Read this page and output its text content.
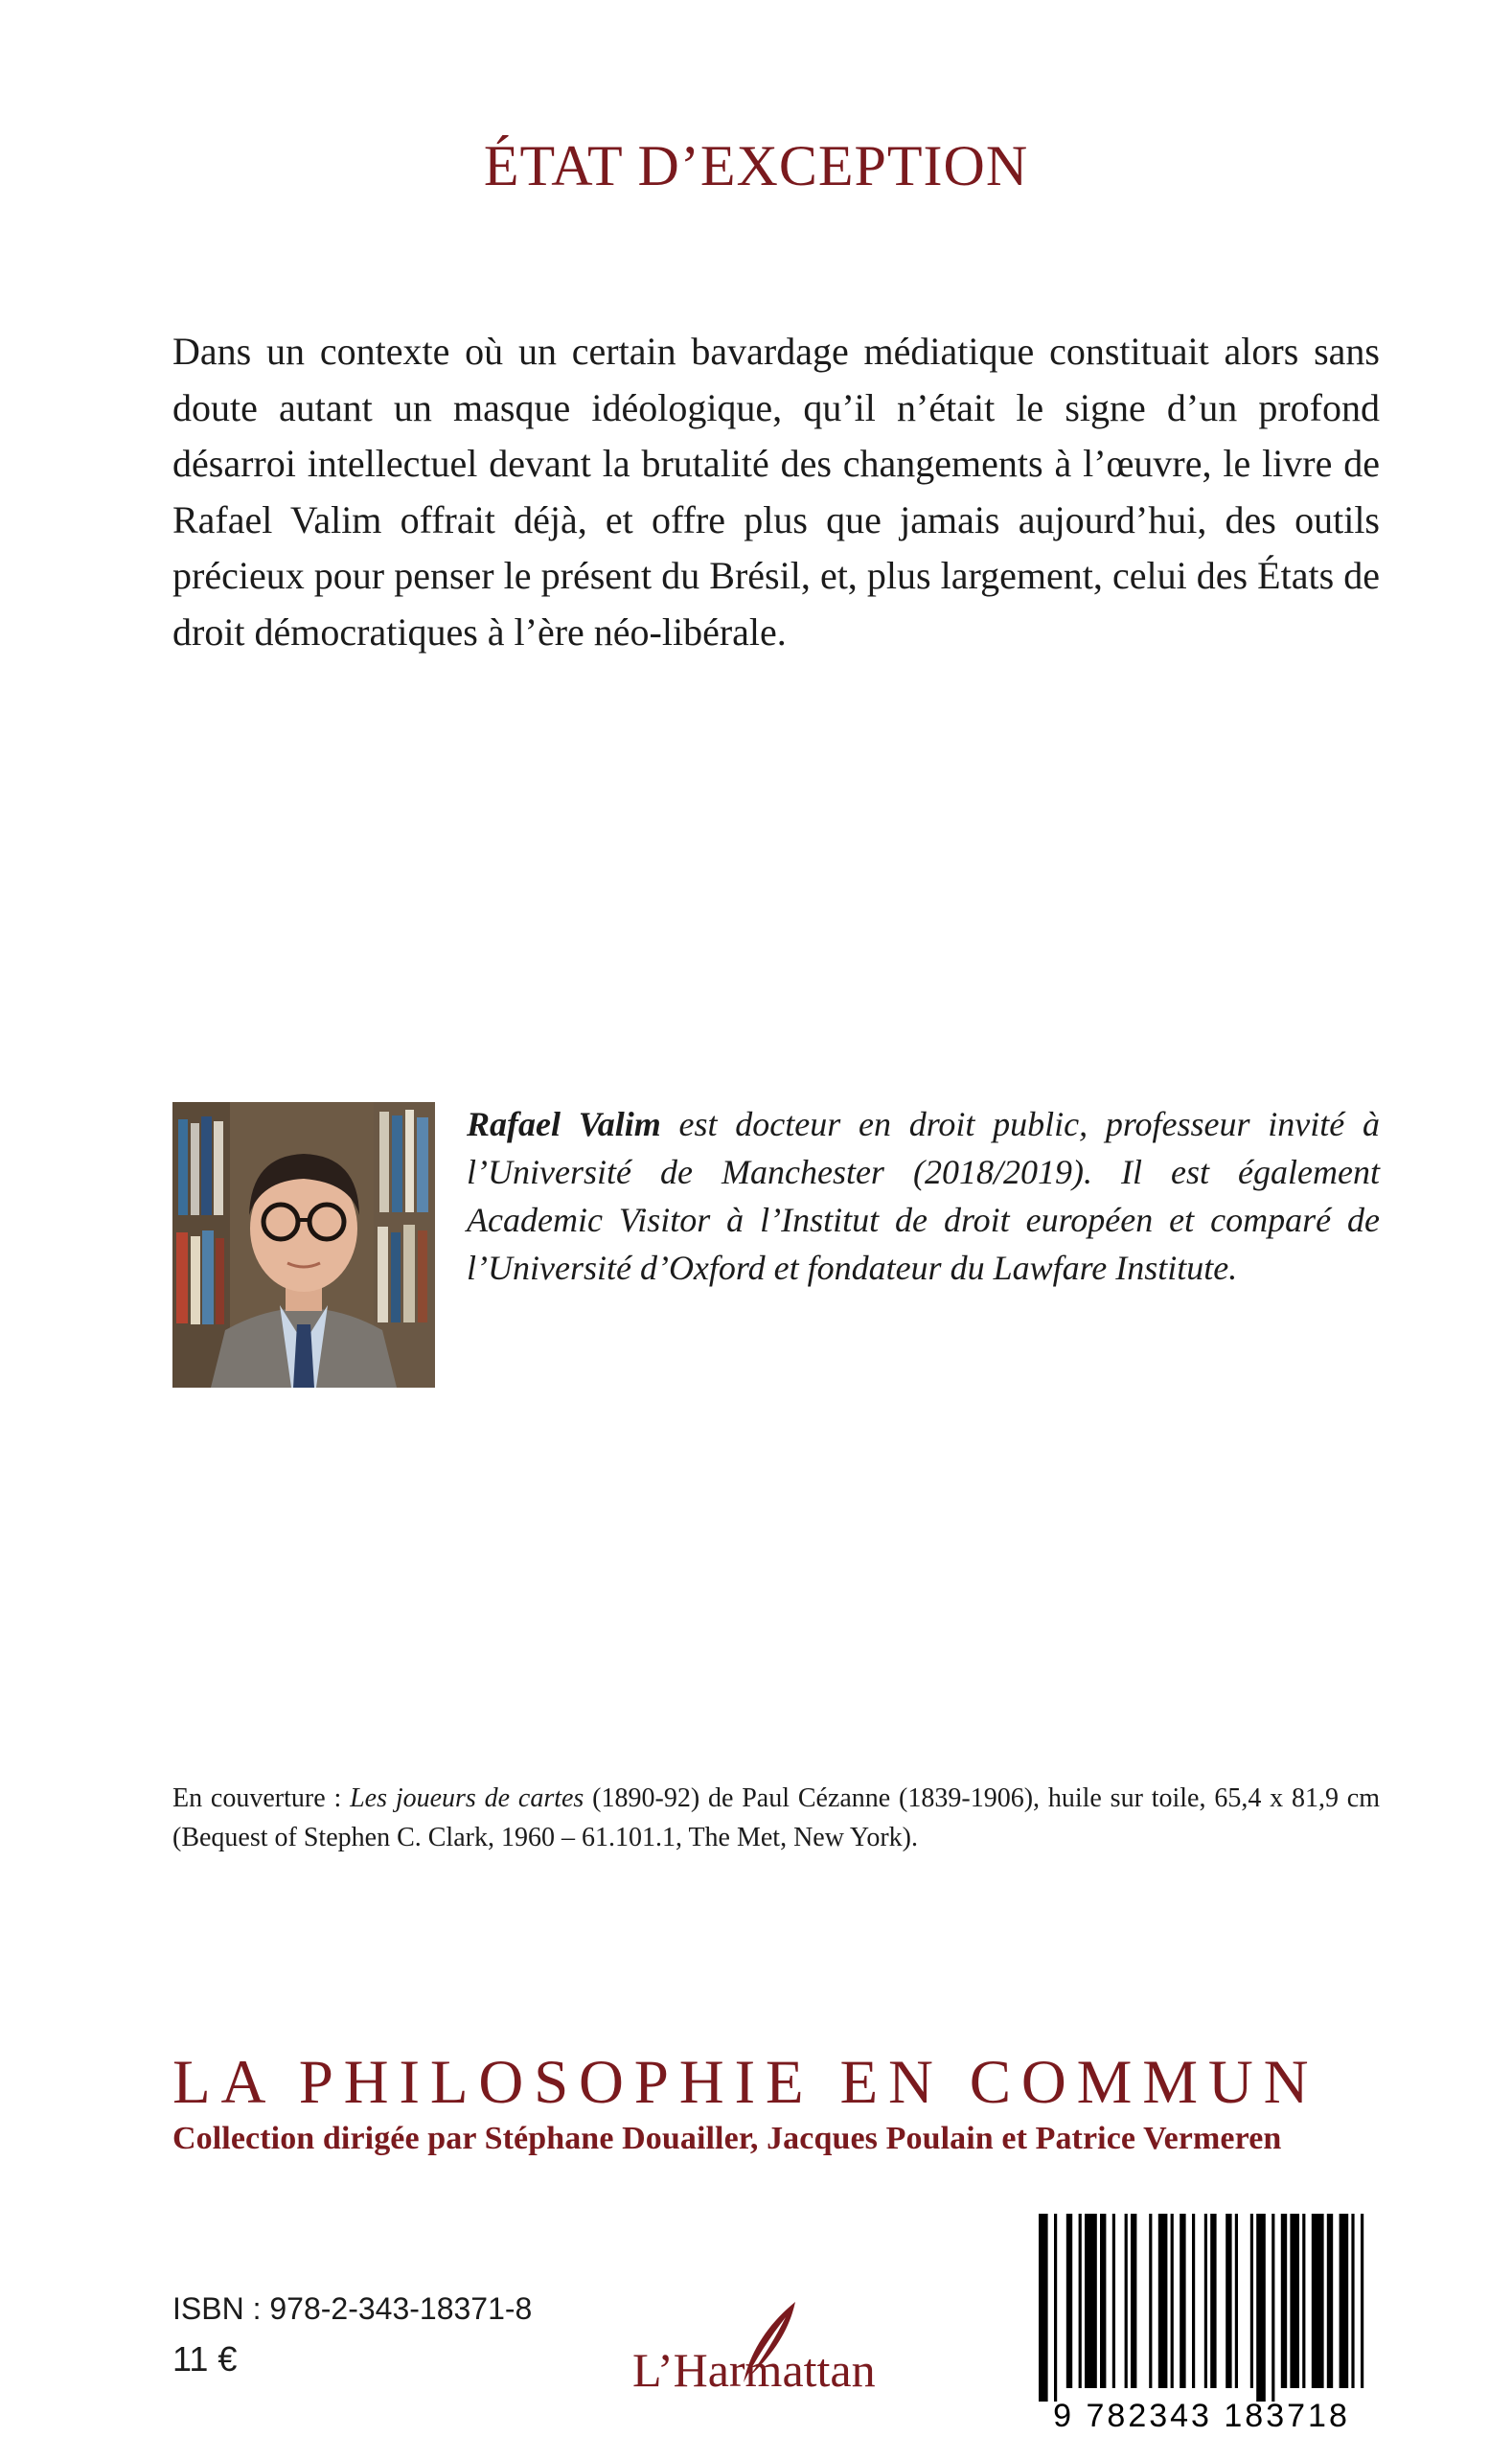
ÉTAT D’EXCEPTION
Dans un contexte où un certain bavardage médiatique constituait alors sans doute autant un masque idéologique, qu’il n’était le signe d’un profond désarroi intellectuel devant la brutalité des changements à l’œuvre, le livre de Rafael Valim offrait déjà, et offre plus que jamais aujourd’hui, des outils précieux pour penser le présent du Brésil, et, plus largement, celui des États de droit démocratiques à l’ère néo-libérale.
Rafael Valim est docteur en droit public, professeur invité à l’Université de Manchester (2018/2019). Il est également Academic Visitor à l’Institut de droit européen et comparé de l’Université d’Oxford et fondateur du Lawfare Institute.
En couverture : Les joueurs de cartes (1890-92) de Paul Cézanne (1839-1906), huile sur toile, 65,4 x 81,9 cm (Bequest of Stephen C. Clark, 1960 – 61.101.1, The Met, New York).
LA PHILOSOPHIE EN COMMUN
Collection dirigée par Stéphane Douailler, Jacques Poulain et Patrice Vermeren
ISBN : 978-2-343-18371-8
11 €	L’Harmattan
9 782343 183718
